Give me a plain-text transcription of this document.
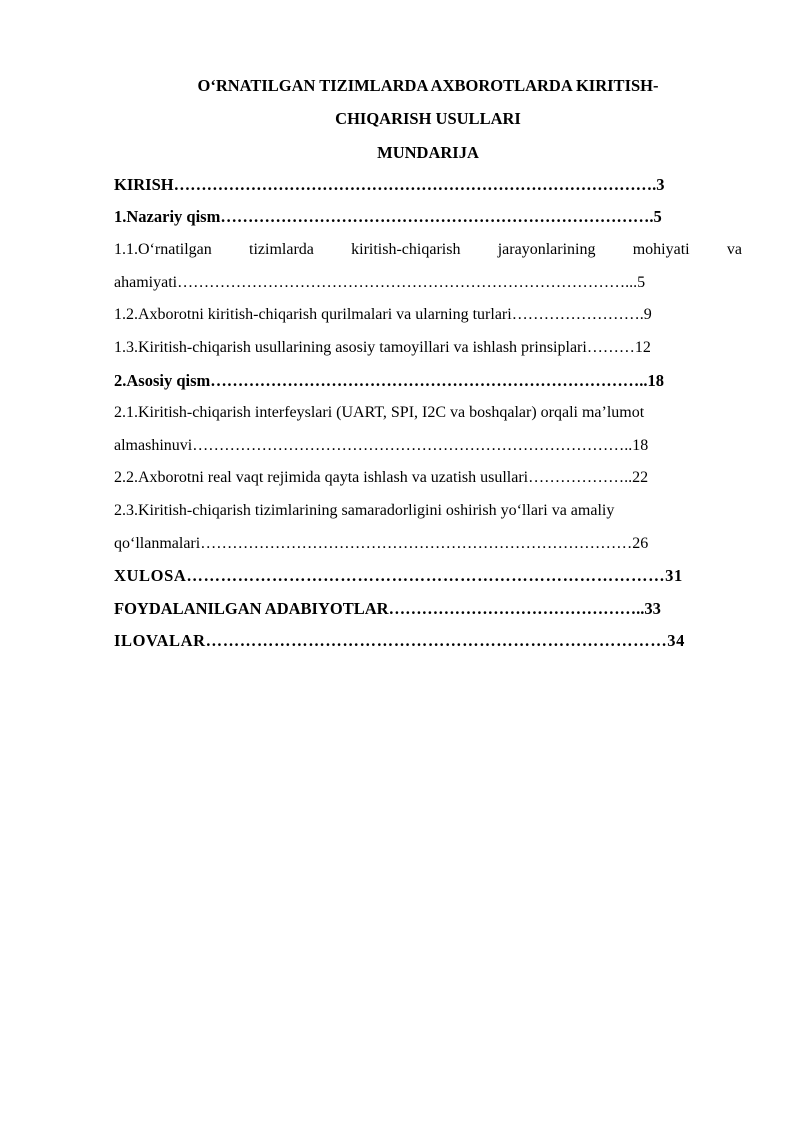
O‘RNATILGAN TIZIMLARDA AXBOROTLARDA KIRITISH-
CHIQARISH USULLARI
MUNDARIJA
KIRISH…………………………………………………………………………….3
1.Nazariy qism…………………………………………………………………….5
1.1.O‘rnatilgan tizimlarda kiritish-chiqarish jarayonlarining mohiyati va
ahamiyati…………………………………………………………………………...5
1.2.Axborotni kiritish-chiqarish qurilmalari va ularning turlari…………………….9
1.3.Kiritish-chiqarish usullarining asosiy tamoyillari va ishlash prinsiplari………12
2.Asosiy qism……………………………………………………………………..18
2.1.Kiritish-chiqarish interfeyslari (UART, SPI, I2C va boshqalar) orqali ma’lumot
almashinuvi………………………………………………………………………..18
2.2.Axborotni real vaqt rejimida qayta ishlash va uzatish usullari………………..22
2.3.Kiritish-chiqarish tizimlarining samaradorligini oshirish yo‘llari va amaliy
qo‘llanmalari………………………………………………………………………26
XULOSA…………………………………………………………………………31
FOYDALANILGAN ADABIYOTLAR………………………………………..33
ILOVALAR………………………………………………………………………34
